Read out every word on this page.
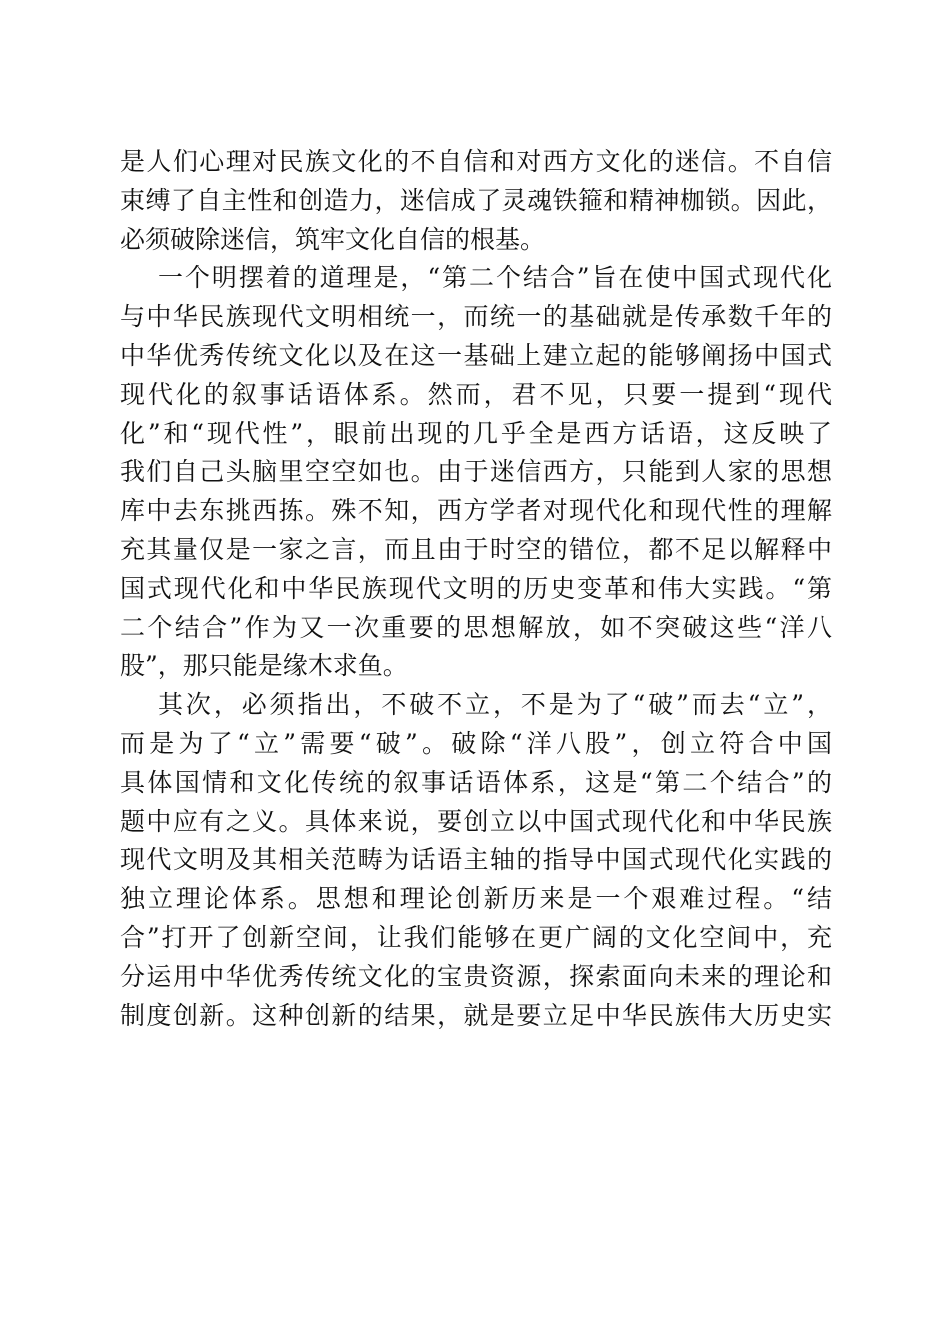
是人们心理对民族文化的不自信和对西方文化的迷信。不自信
束缚了自主性和创造力，迷信成了灵魂铁箍和精神枷锁。因此，
必须破除迷信，筑牢文化自信的根基。
一个明摆着的道理是，“第二个结合”旨在使中国式现代化
与中华民族现代文明相统一，而统一的基础就是传承数千年的
中华优秀传统文化以及在这一基础上建立起的能够阐扬中国式
现代化的叙事话语体系。然而，君不见，只要一提到“现代
化”和“现代性”，眼前出现的几乎全是西方话语，这反映了
我们自己头脑里空空如也。由于迷信西方，只能到人家的思想
库中去东挑西拣。殊不知，西方学者对现代化和现代性的理解
充其量仅是一家之言，而且由于时空的错位，都不足以解释中
国式现代化和中华民族现代文明的历史变革和伟大实践。“第
二个结合”作为又一次重要的思想解放，如不突破这些“洋八
股”，那只能是缘木求鱼。
其次，必须指出，不破不立，不是为了“破”而去“立”，
而是为了“立”需要“破”。破除“洋八股”，创立符合中国
具体国情和文化传统的叙事话语体系，这是“第二个结合”的
题中应有之义。具体来说，要创立以中国式现代化和中华民族
现代文明及其相关范畴为话语主轴的指导中国式现代化实践的
独立理论体系。思想和理论创新历来是一个艰难过程。“结
合”打开了创新空间，让我们能够在更广阔的文化空间中，充
分运用中华优秀传统文化的宝贵资源，探索面向未来的理论和
制度创新。这种创新的结果，就是要立足中华民族伟大历史实
